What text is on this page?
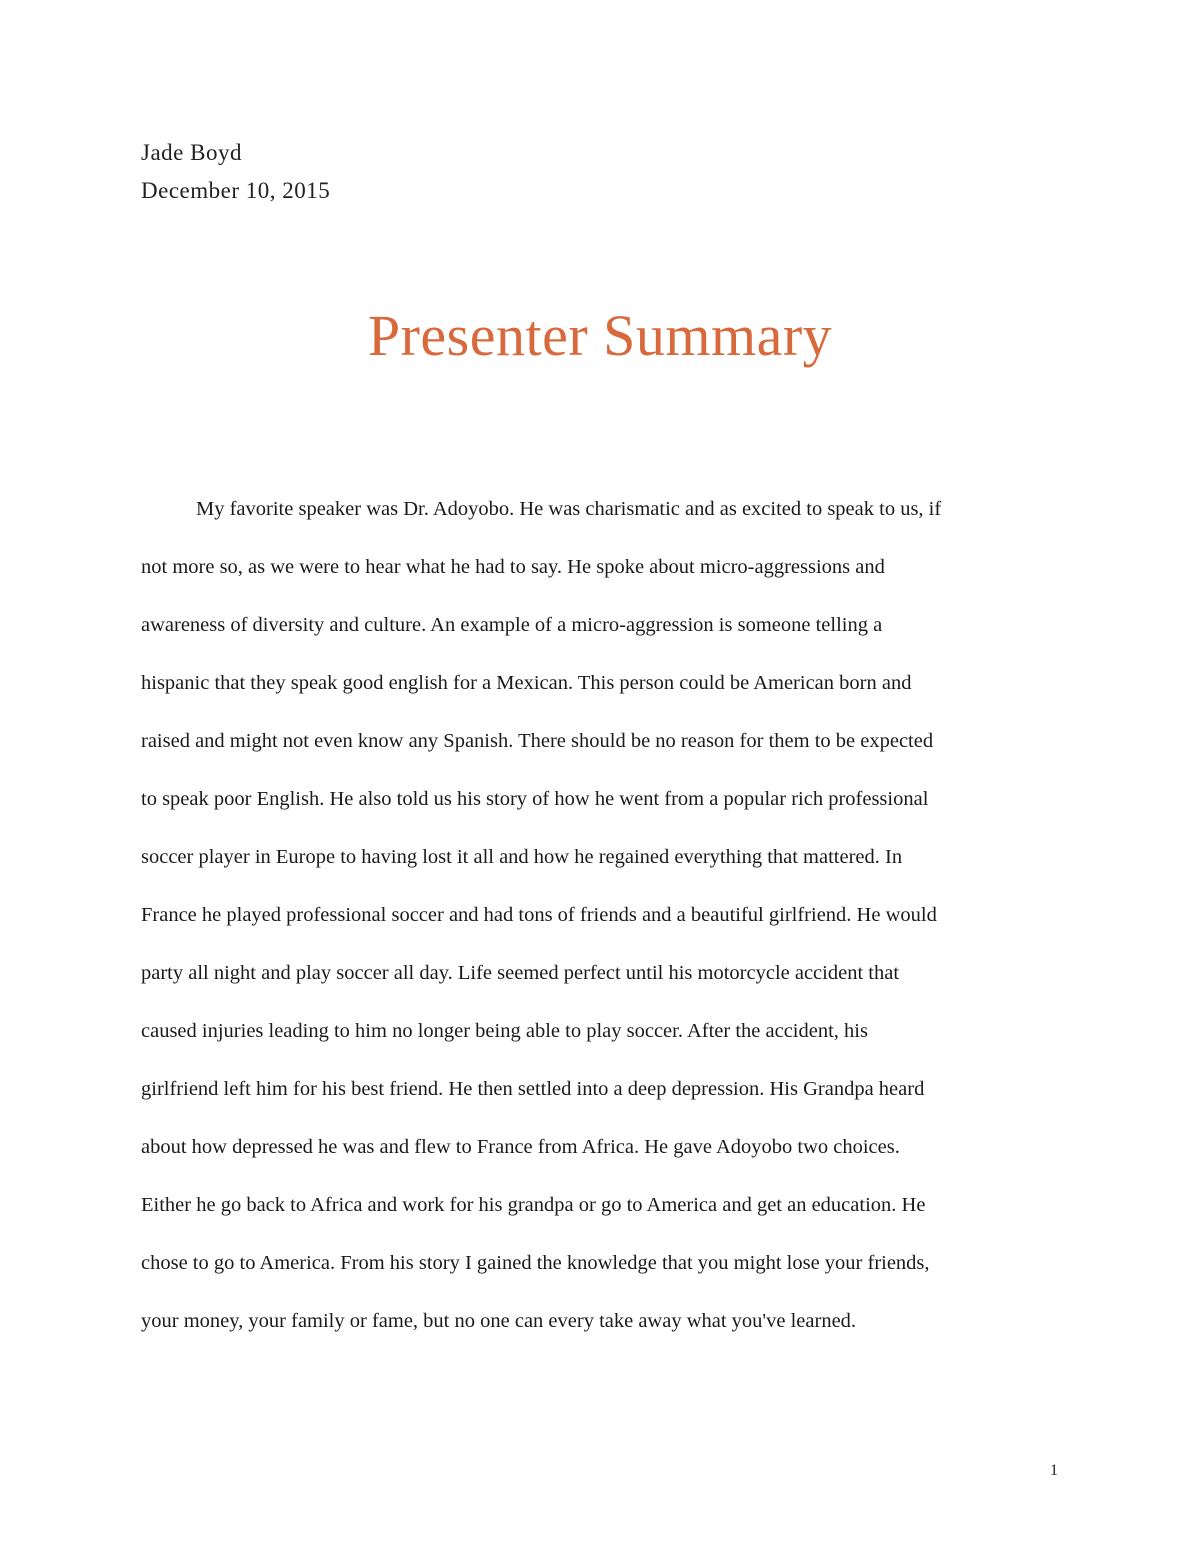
Jade Boyd
December 10, 2015
Presenter Summary
My favorite speaker was Dr. Adoyobo. He was charismatic and as excited to speak to us, if
not more so, as we were to hear what he had to say. He spoke about micro-aggressions and
awareness of diversity and culture. An example of a micro-aggression is someone telling a
hispanic that they speak good english for a Mexican. This person could be American born and
raised and might not even know any Spanish. There should be no reason for them to be expected
to speak poor English. He also told us his story of how he went from a popular rich professional
soccer player in Europe to having lost it all and how he regained everything that mattered. In
France he played professional soccer and had tons of friends and a beautiful girlfriend. He would
party all night and play soccer all day. Life seemed perfect until his motorcycle accident that
caused injuries leading to him no longer being able to play soccer. After the accident, his
girlfriend left him for his best friend. He then settled into a deep depression. His Grandpa heard
about how depressed he was and flew to France from Africa. He gave Adoyobo two choices.
Either he go back to Africa and work for his grandpa or go to America and get an education. He
chose to go to America. From his story I gained the knowledge that you might lose your friends,
your money, your family or fame, but no one can every take away what you've learned.
1
